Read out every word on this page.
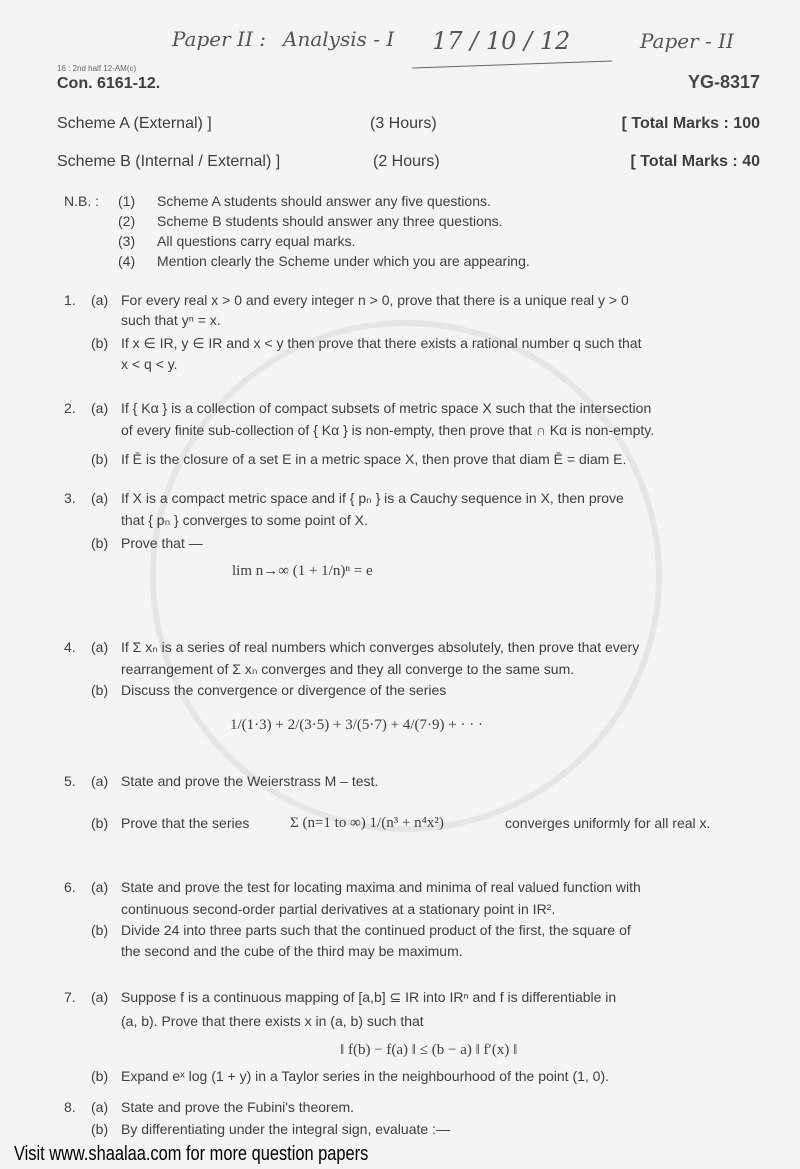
Paper II : Analysis - I 17 / 10 / 12	Paper - II
16 : 2nd half 12-AM(c)
Con. 6161-12.	YG-8317
Scheme A (External) ]	(3 Hours)	[ Total Marks : 100
Scheme B (Internal / External) ]	(2 Hours)	[ Total Marks : 40
N.B. : (1) Scheme A students should answer any five questions.
(2) Scheme B students should answer any three questions.
(3) All questions carry equal marks.
(4) Mention clearly the Scheme under which you are appearing.
1. (a) For every real x > 0 and every integer n > 0, prove that there is a unique real y > 0
such that yⁿ = x.
(b) If x ∈ IR, y ∈ IR and x < y then prove that there exists a rational number q such that
x < q < y.
2. (a) If { Kα } is a collection of compact subsets of metric space X such that the intersection
of every finite sub-collection of { Kα } is non-empty, then prove that ∩ Kα is non-empty.
(b) If Ē is the closure of a set E in a metric space X, then prove that diam Ē = diam E.
3. (a) If X is a compact metric space and if { pₙ } is a Cauchy sequence in X, then prove
that { pₙ } converges to some point of X.
(b) Prove that —
4. (a) If Σ xₙ is a series of real numbers which converges absolutely, then prove that every
rearrangement of Σ xₙ converges and they all converge to the same sum.
(b) Discuss the convergence or divergence of the series
5. (a) State and prove the Weierstrass M – test.
(b) Prove that the series
6. (a) State and prove the test for locating maxima and minima of real valued function with
continuous second-order partial derivatives at a stationary point in IR².
(b) Divide 24 into three parts such that the continued product of the first, the square of
the second and the cube of the third may be maximum.
7. (a) Suppose f is a continuous mapping of [a,b] ⊆ IR into IRⁿ and f is differentiable in
(a, b). Prove that there exists x in (a, b) such that
(b) Expand eˣ log (1 + y) in a Taylor series in the neighbourhood of the point (1, 0).
8. (a) State and prove the Fubini's theorem.
(b) By differentiating under the integral sign, evaluate :—
lim n→∞ (1 + 1/n)ⁿ = e
1/(1·3) + 2/(3·5) + 3/(5·7) + 4/(7·9) + · · ·
Σ (n=1 to ∞) 1/(n³ + n⁴x²)	converges uniformly for all real x.
‖ f(b) − f(a) ‖ ≤ (b − a) ‖ f′(x) ‖
Visit www.shaalaa.com for more question papers
